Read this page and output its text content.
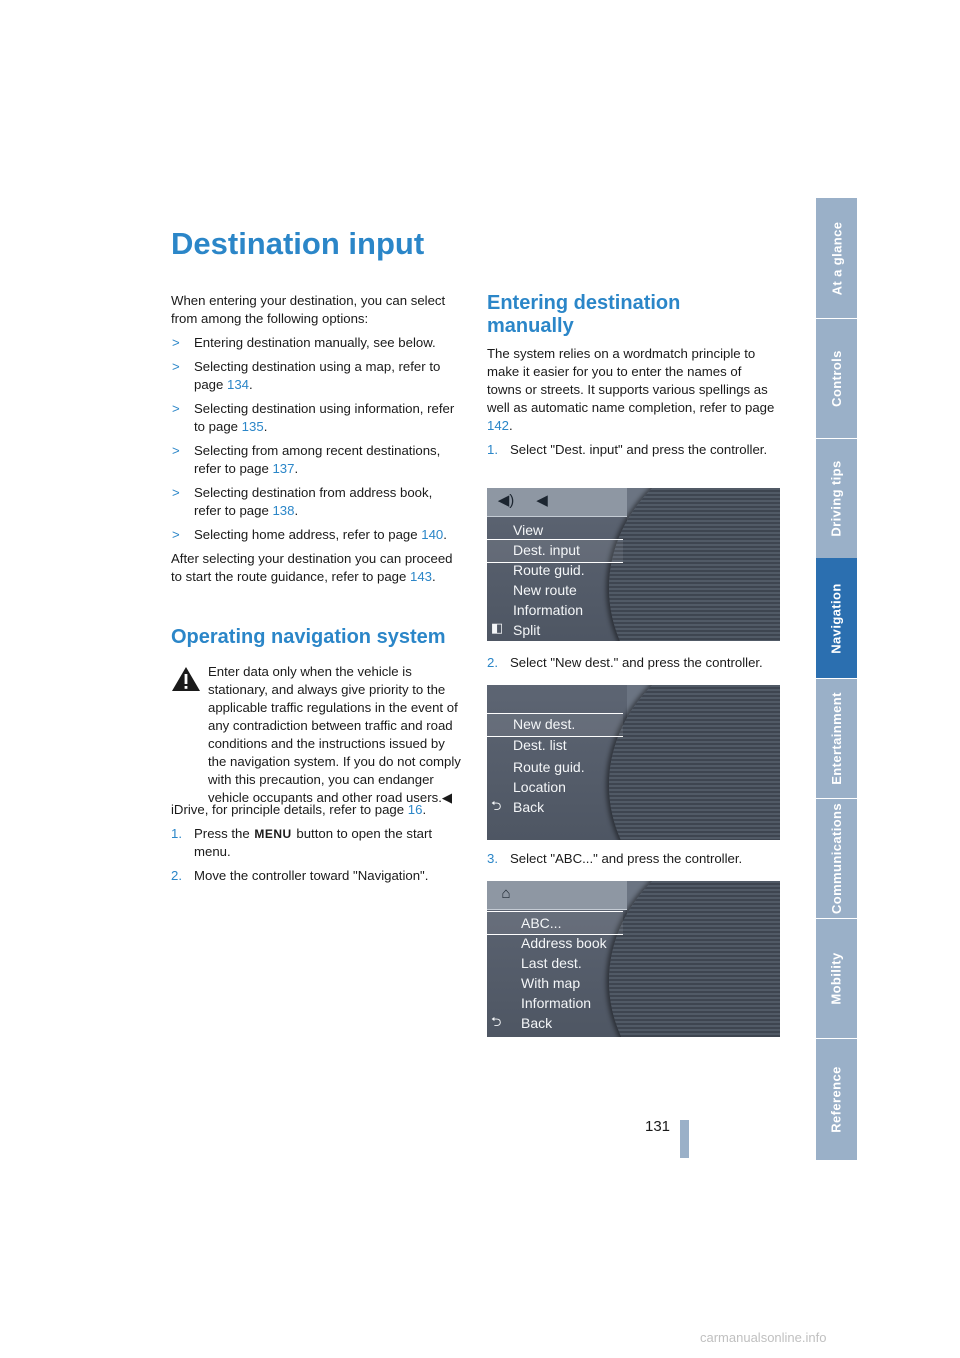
Destination input

When entering your destination, you can select from among the following options:

> Entering destination manually, see below.
> Selecting destination using a map, refer to page 134.
> Selecting destination using information, refer to page 135.
> Selecting from among recent destinations, refer to page 137.
> Selecting destination from address book, refer to page 138.
> Selecting home address, refer to page 140.

After selecting your destination you can proceed to start the route guidance, refer to page 143.

Operating navigation system
Enter data only when the vehicle is stationary, and always give priority to the applicable traffic regulations in the event of any contradiction between traffic and road conditions and the instructions issued by the navigation system. If you do not comply with this precaution, you can endanger vehicle occupants and other road users.◀

iDrive, for principle details, refer to page 16.

1. Press the MENU button to open the start menu.
2. Move the controller toward "Navigation".
Entering destination manually

The system relies on a wordmatch principle to make it easier for you to enter the names of towns or streets. It supports various spellings as well as automatic name completion, refer to page 142.

1. Select "Dest. input" and press the controller.
◀)	◀
View
Dest. input
Route guid.
New route
Information
◧ Split
2. Select "New dest." and press the controller.
New dest.
Dest. list
Route guid.
Location
⮌ Back
3. Select "ABC..." and press the controller.
⌂
ABC...
Address book
Last dest.
With map
Information
⮌ Back
At a glance
Controls
Driving tips
Navigation
Entertainment
Communications
Mobility
Reference
131
carmanualsonline.info
